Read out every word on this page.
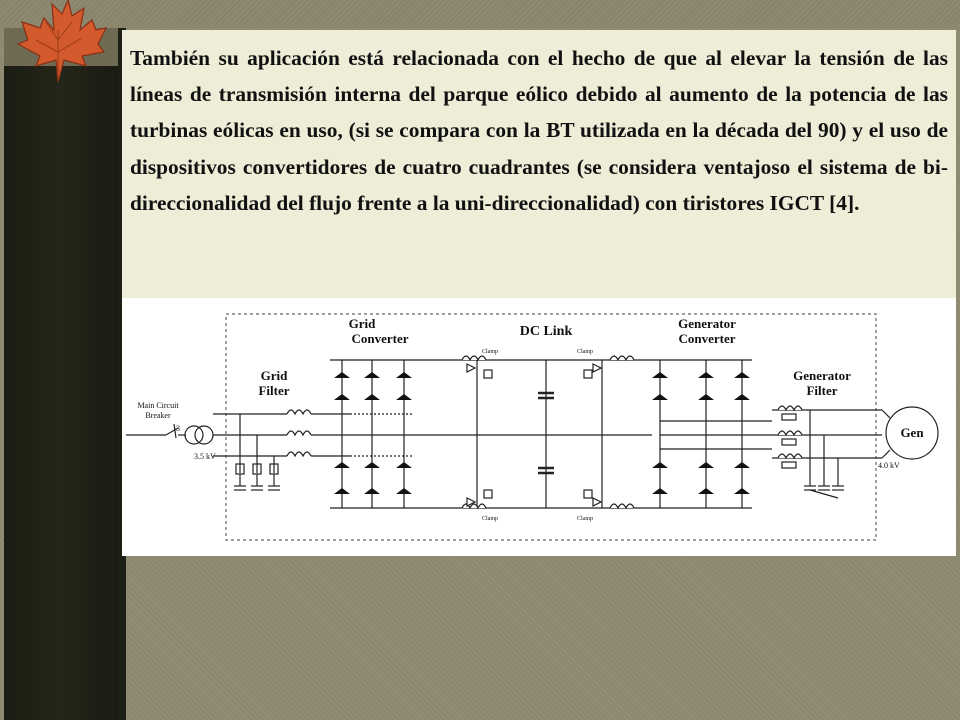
También su aplicación está relacionada con el hecho de que al elevar la tensión de las líneas de transmisión interna del parque eólico debido al aumento de la potencia de las turbinas eólicas en uso, (si se compara con la BT utilizada en la década del 90) y el uso de dispositivos convertidores de cuatro cuadrantes (se considera ventajoso el sistema de bi-direccionalidad del flujo frente a la uni-direccionalidad) con tiristores IGCT [4].

Grid
Converter	DC Link
Generator
Converter
Grid
Filter
Generator
Filter
Main Circuit
Breaker
3
3.5 kV
4.0 kV
Gen
Clamp	Clamp
Clamp	Clamp
